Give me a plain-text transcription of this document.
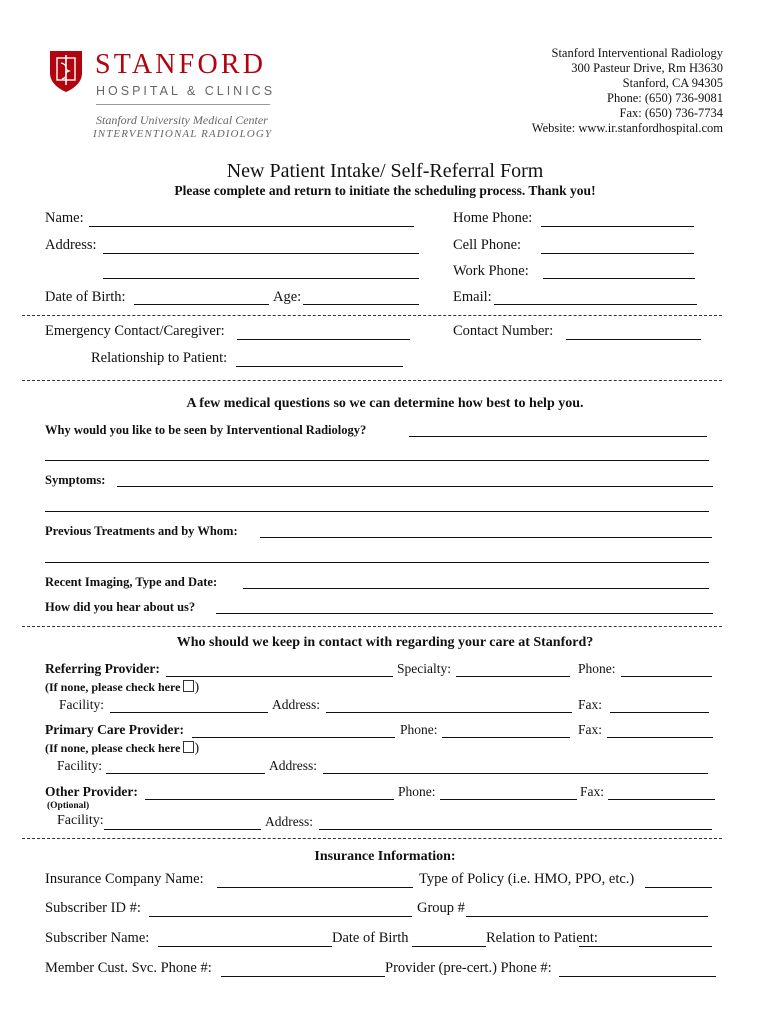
STANFORD
HOSPITAL & CLINICS
Stanford University Medical Center
INTERVENTIONAL RADIOLOGY
Stanford Interventional Radiology
300 Pasteur Drive, Rm H3630
Stanford, CA 94305
Phone: (650) 736-9081
Fax: (650) 736-7734
Website: www.ir.stanfordhospital.com
New Patient Intake/ Self-Referral Form
Please complete and return to initiate the scheduling process. Thank you!
Name:	Home Phone:
Address:	Cell Phone:
Work Phone:
Date of Birth:	Age:	Email:
Emergency Contact/Caregiver:	Contact Number:
Relationship to Patient:
A few medical questions so we can determine how best to help you.
Why would you like to be seen by Interventional Radiology?
Symptoms:
Previous Treatments and by Whom:
Recent Imaging, Type and Date:
How did you hear about us?
Who should we keep in contact with regarding your care at Stanford?
Referring Provider:	Specialty:	Phone:
(If none, please check here )
Facility:	Address:	Fax:
Primary Care Provider:	Phone:	Fax:
(If none, please check here )
Facility:	Address:
Other Provider:	Phone:	Fax:
(Optional)
Facility:	Address:
Insurance Information:
Insurance Company Name:	Type of Policy (i.e. HMO, PPO, etc.)
Subscriber ID #:	Group #
Subscriber Name:	Date of Birth	Relation to Patient:
Member Cust. Svc. Phone #:	Provider (pre-cert.) Phone #:
